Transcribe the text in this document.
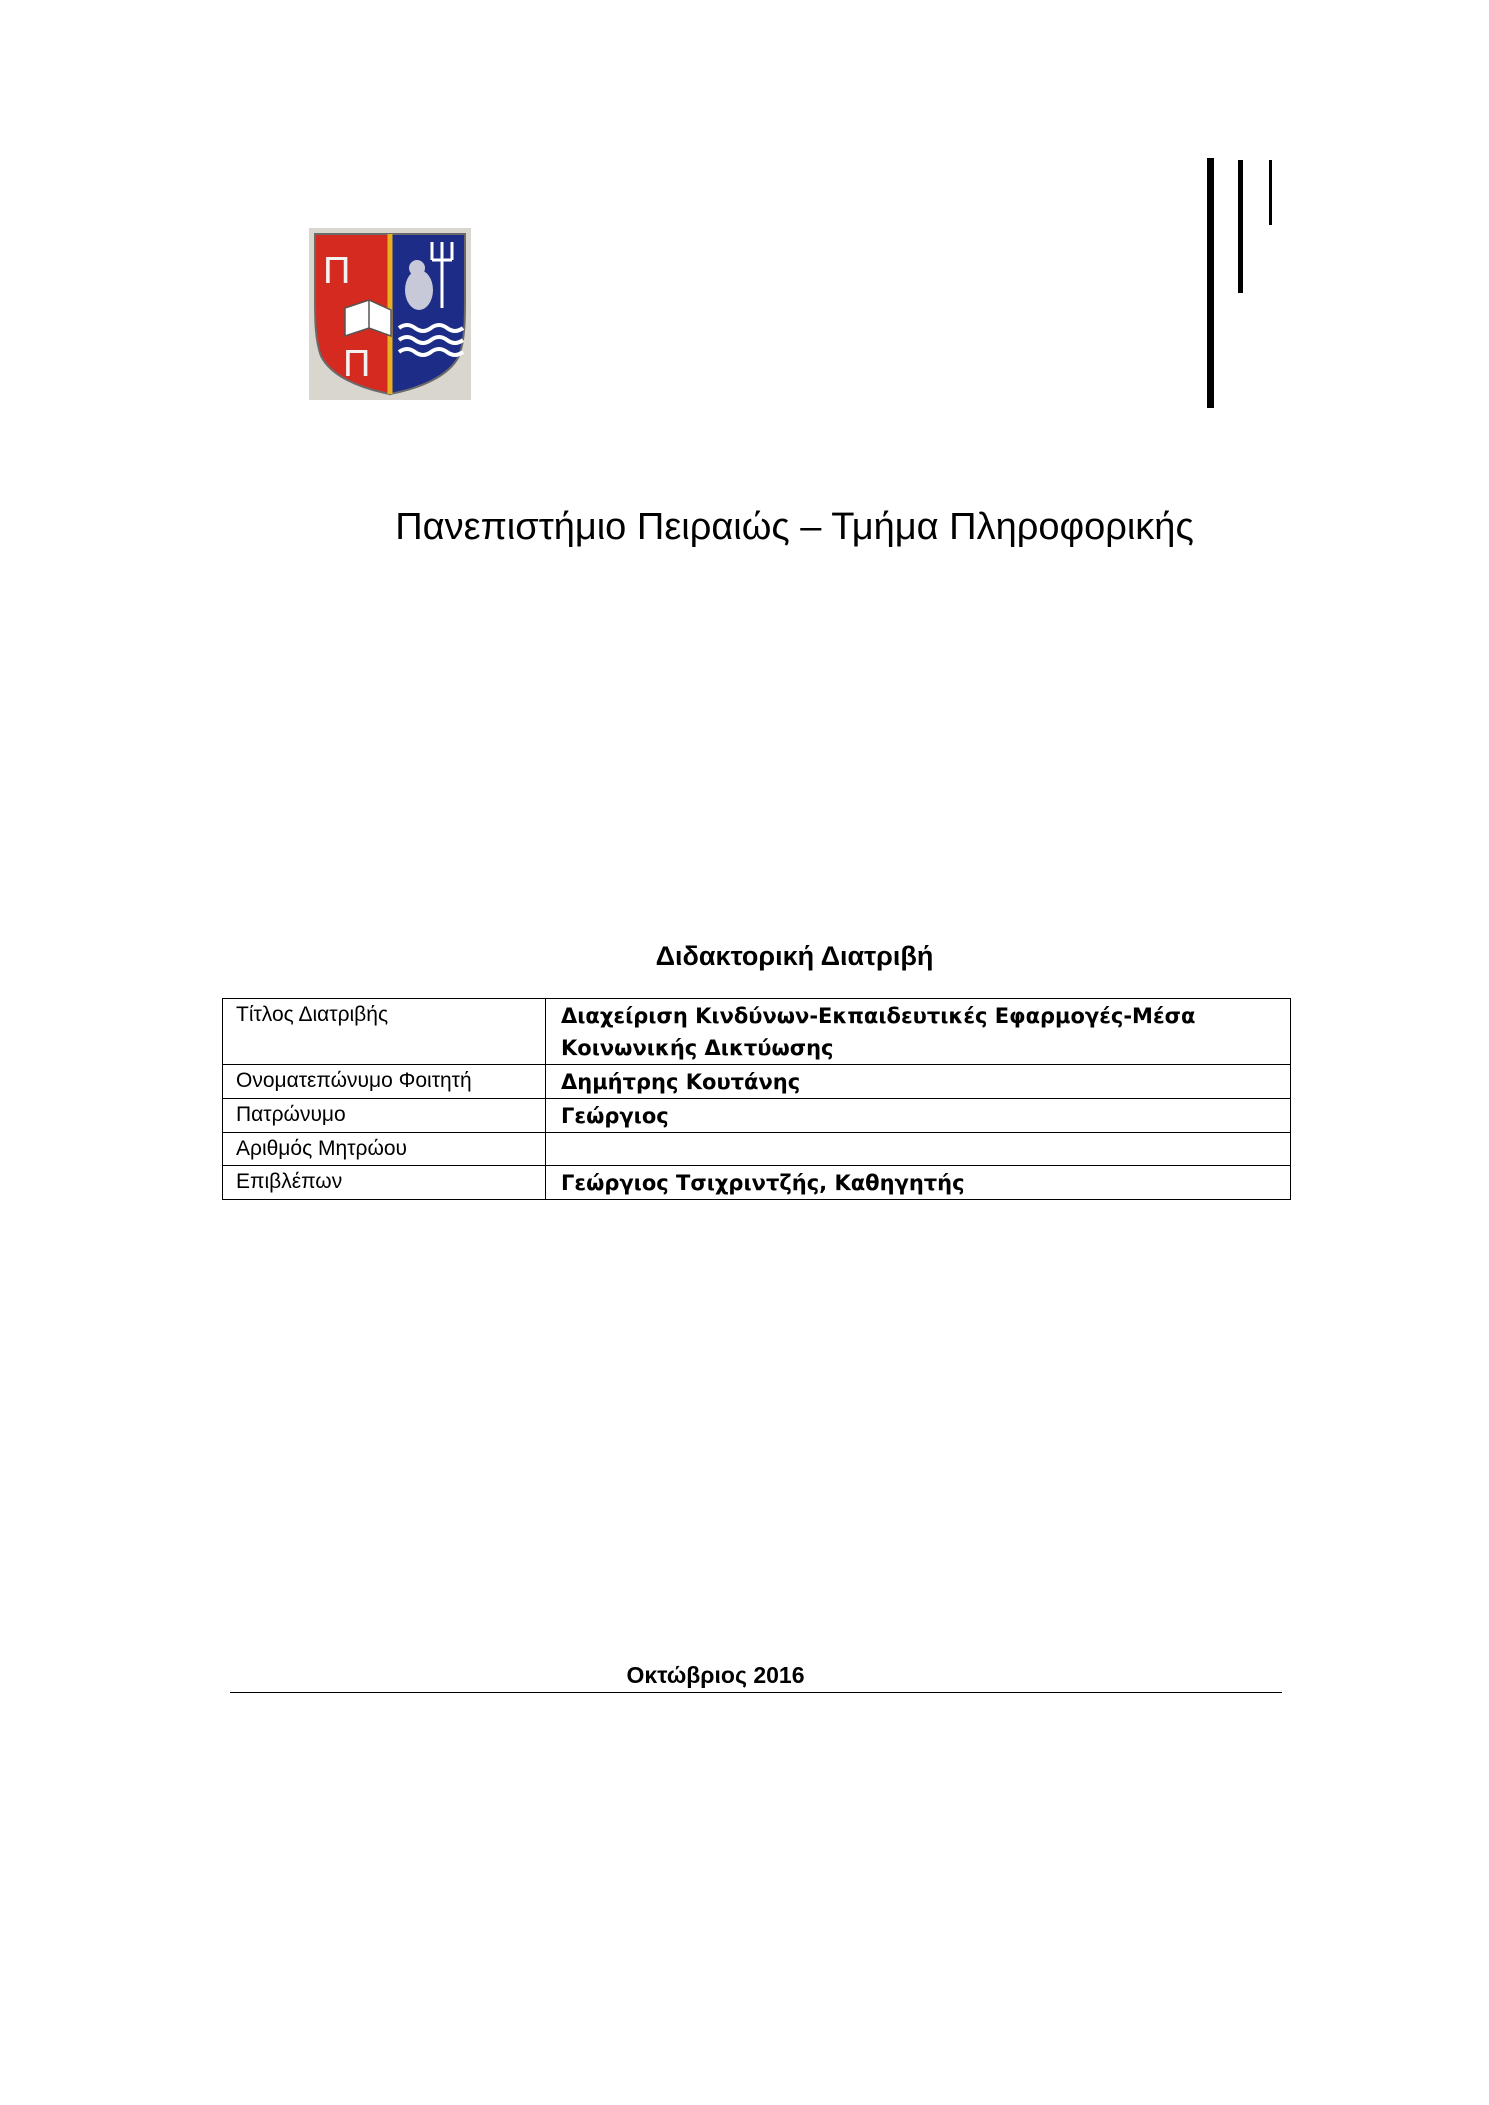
Π
Π
Πανεπιστήμιο Πειραιώς – Τμήμα Πληροφορικής
Διδακτορική Διατριβή
Τίτλος Διατριβής	Διαχείριση Κινδύνων-Εκπαιδευτικές Εφαρμογές-Μέσα Κοινωνικής Δικτύωσης
Ονοματεπώνυμο Φοιτητή	Δημήτρης Κουτάνης
Πατρώνυμο	Γεώργιος
Αριθμός Μητρώου	
Επιβλέπων	Γεώργιος Τσιχριντζής, Καθηγητής
Οκτώβριος 2016
